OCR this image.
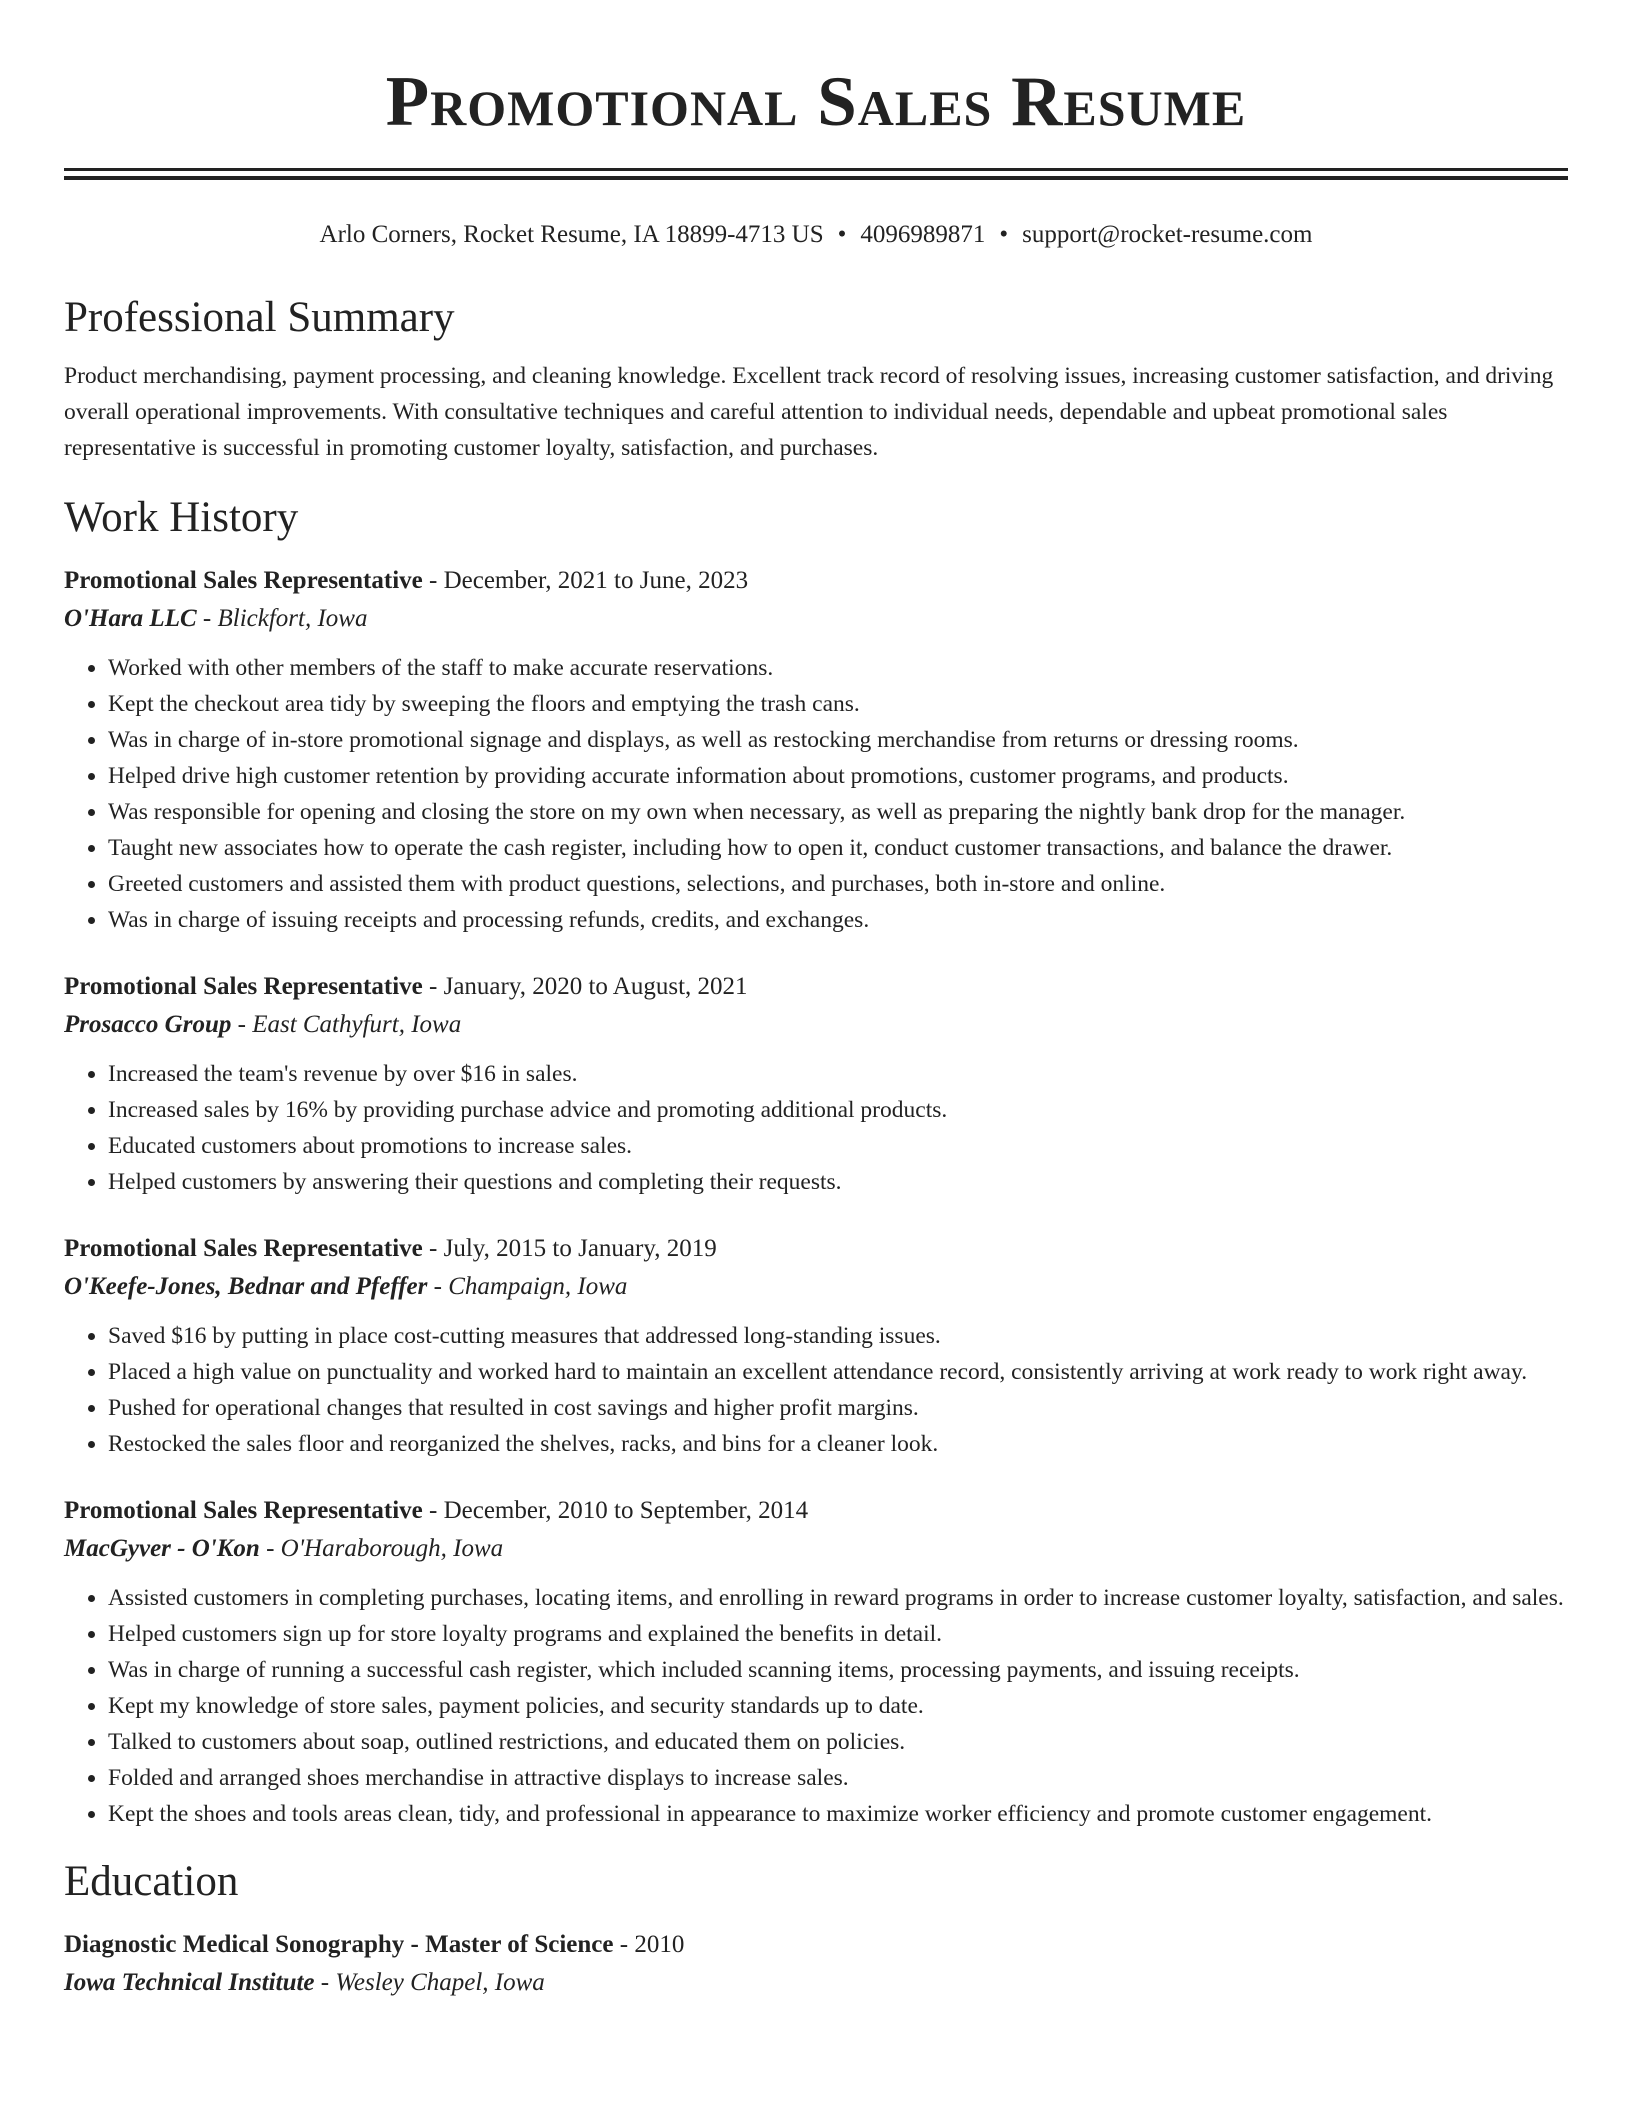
Promotional Sales Resume
Arlo Corners, Rocket Resume, IA 18899-4713 US • 4096989871 • support@rocket-resume.com
Professional Summary

Product merchandising, payment processing, and cleaning knowledge. Excellent track record of resolving issues, increasing customer satisfaction, and driving overall operational improvements. With consultative techniques and careful attention to individual needs, dependable and upbeat promotional sales representative is successful in promoting customer loyalty, satisfaction, and purchases.

Work History
Promotional Sales Representative - December, 2021 to June, 2023
O'Hara LLC - Blickfort, Iowa
• Worked with other members of the staff to make accurate reservations.
• Kept the checkout area tidy by sweeping the floors and emptying the trash cans.
• Was in charge of in-store promotional signage and displays, as well as restocking merchandise from returns or dressing rooms.
• Helped drive high customer retention by providing accurate information about promotions, customer programs, and products.
• Was responsible for opening and closing the store on my own when necessary, as well as preparing the nightly bank drop for the manager.
• Taught new associates how to operate the cash register, including how to open it, conduct customer transactions, and balance the drawer.
• Greeted customers and assisted them with product questions, selections, and purchases, both in-store and online.
• Was in charge of issuing receipts and processing refunds, credits, and exchanges.
Promotional Sales Representative - January, 2020 to August, 2021
Prosacco Group - East Cathyfurt, Iowa
• Increased the team's revenue by over $16 in sales.
• Increased sales by 16% by providing purchase advice and promoting additional products.
• Educated customers about promotions to increase sales.
• Helped customers by answering their questions and completing their requests.
Promotional Sales Representative - July, 2015 to January, 2019
O'Keefe-Jones, Bednar and Pfeffer - Champaign, Iowa
• Saved $16 by putting in place cost-cutting measures that addressed long-standing issues.
• Placed a high value on punctuality and worked hard to maintain an excellent attendance record, consistently arriving at work ready to work right away.
• Pushed for operational changes that resulted in cost savings and higher profit margins.
• Restocked the sales floor and reorganized the shelves, racks, and bins for a cleaner look.
Promotional Sales Representative - December, 2010 to September, 2014
MacGyver - O'Kon - O'Haraborough, Iowa
• Assisted customers in completing purchases, locating items, and enrolling in reward programs in order to increase customer loyalty, satisfaction, and sales.
• Helped customers sign up for store loyalty programs and explained the benefits in detail.
• Was in charge of running a successful cash register, which included scanning items, processing payments, and issuing receipts.
• Kept my knowledge of store sales, payment policies, and security standards up to date.
• Talked to customers about soap, outlined restrictions, and educated them on policies.
• Folded and arranged shoes merchandise in attractive displays to increase sales.
• Kept the shoes and tools areas clean, tidy, and professional in appearance to maximize worker efficiency and promote customer engagement.
Education
Diagnostic Medical Sonography - Master of Science - 2010
Iowa Technical Institute - Wesley Chapel, Iowa
